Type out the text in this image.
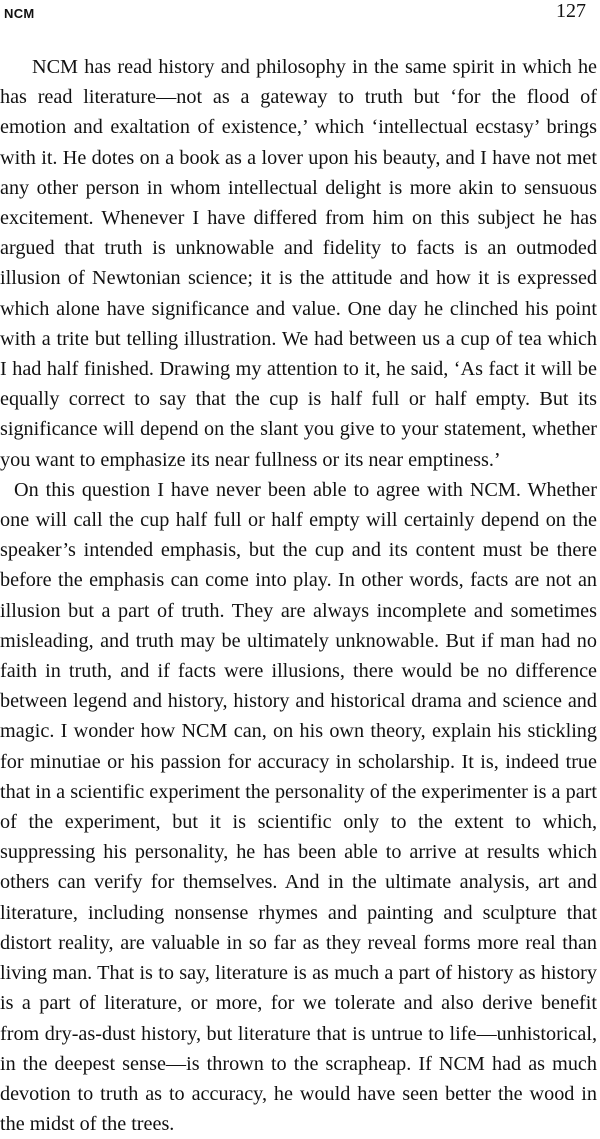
NCM	127

NCM has read history and philosophy in the same spirit in which he has read literature—not as a gateway to truth but ‘for the flood of emotion and exaltation of existence,’ which ‘intellectual ecstasy’ brings with it. He dotes on a book as a lover upon his beauty, and I have not met any other person in whom intellectual delight is more akin to sensuous excitement. Whenever I have differed from him on this subject he has argued that truth is unknowable and fidelity to facts is an outmoded illusion of Newtonian science; it is the attitude and how it is expressed which alone have significance and value. One day he clinched his point with a trite but telling illustration. We had between us a cup of tea which I had half finished. Drawing my attention to it, he said, ‘As fact it will be equally correct to say that the cup is half full or half empty. But its significance will depend on the slant you give to your statement, whether you want to emphasize its near fullness or its near emptiness.’

On this question I have never been able to agree with NCM. Whether one will call the cup half full or half empty will certainly depend on the speaker’s intended emphasis, but the cup and its content must be there before the emphasis can come into play. In other words, facts are not an illusion but a part of truth. They are always incomplete and sometimes misleading, and truth may be ultimately unknowable. But if man had no faith in truth, and if facts were illusions, there would be no difference between legend and history, history and historical drama and science and magic. I wonder how NCM can, on his own theory, explain his stickling for minutiae or his passion for accuracy in scholarship. It is, indeed true that in a scientific experiment the personality of the experimenter is a part of the experiment, but it is scientific only to the extent to which, suppressing his personality, he has been able to arrive at results which others can verify for themselves. And in the ultimate analysis, art and literature, including nonsense rhymes and painting and sculpture that distort reality, are valuable in so far as they reveal forms more real than living man. That is to say, literature is as much a part of history as history is a part of literature, or more, for we tolerate and also derive benefit from dry-as-dust history, but literature that is untrue to life—unhistorical, in the deepest sense—is thrown to the scrapheap. If NCM had as much devotion to truth as to accuracy, he would have seen better the wood in the midst of the trees.
